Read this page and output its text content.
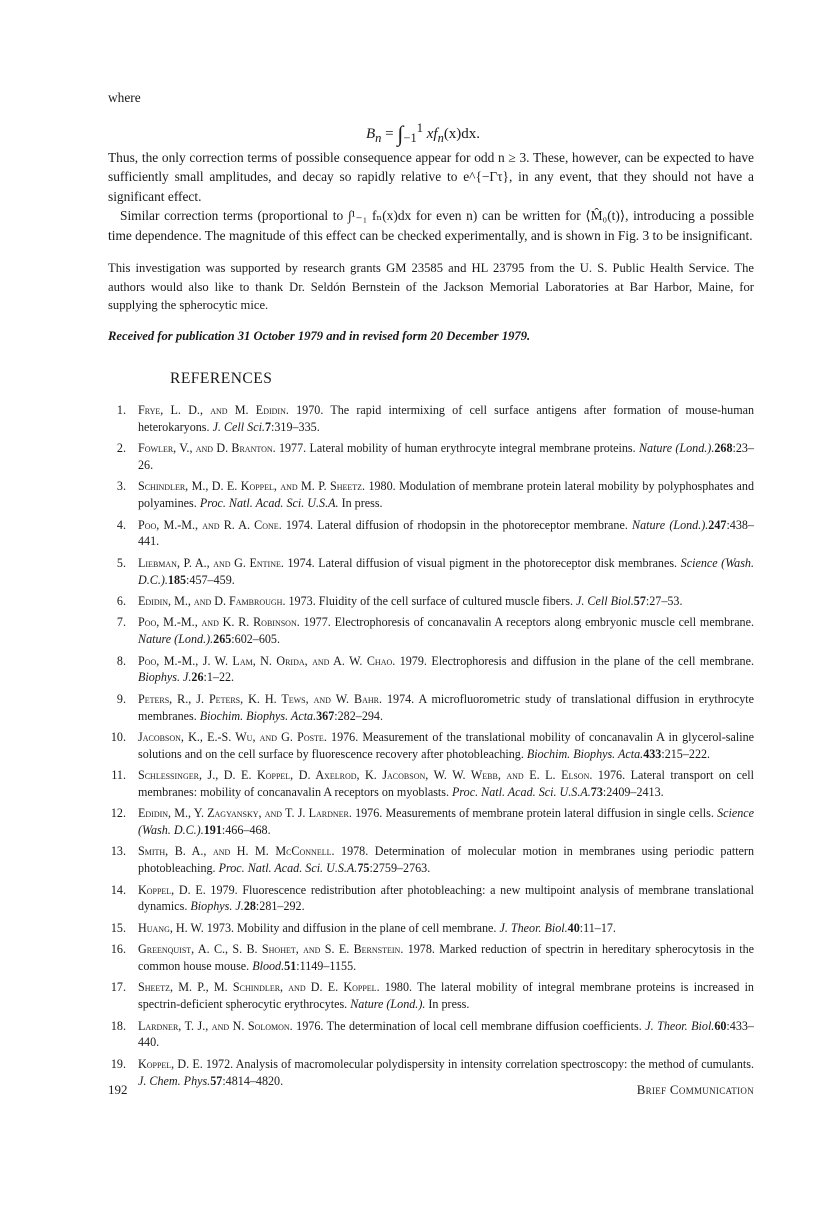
where

$B_n = \int_{-1}^1$ $xf_n(x)dx$.

Thus, the only correction terms of possible consequence appear for odd n ≥ 3. These, however, can be expected to have sufficiently small amplitudes, and decay so rapidly relative to e^{−Γτ}, in any event, that they should not have a significant effect.

Similar correction terms (proportional to ∫¹₋₁ fₙ(x)dx for even n) can be written for ⟨M̂₀(t)⟩, introducing a possible time dependence. The magnitude of this effect can be checked experimentally, and is shown in Fig. 3 to be insignificant.

This investigation was supported by research grants GM 23585 and HL 23795 from the U. S. Public Health Service. The authors would also like to thank Dr. Seldón Bernstein of the Jackson Memorial Laboratories at Bar Harbor, Maine, for supplying the spherocytic mice.

Received for publication 31 October 1979 and in revised form 20 December 1979.

REFERENCES
1. Frye, L. D., and M. Edidin. 1970. The rapid intermixing of cell surface antigens after formation of mouse-human heterokaryons. J. Cell Sci.7:319–335.
2. Fowler, V., and D. Branton. 1977. Lateral mobility of human erythrocyte integral membrane proteins. Nature (Lond.).268:23–26.
3. Schindler, M., D. E. Koppel, and M. P. Sheetz. 1980. Modulation of membrane protein lateral mobility by polyphosphates and polyamines. Proc. Natl. Acad. Sci. U.S.A. In press.
4. Poo, M.-M., and R. A. Cone. 1974. Lateral diffusion of rhodopsin in the photoreceptor membrane. Nature (Lond.).247:438–441.
5. Liebman, P. A., and G. Entine. 1974. Lateral diffusion of visual pigment in the photoreceptor disk membranes. Science (Wash. D.C.).185:457–459.
6. Edidin, M., and D. Fambrough. 1973. Fluidity of the cell surface of cultured muscle fibers. J. Cell Biol.57:27–53.
7. Poo, M.-M., and K. R. Robinson. 1977. Electrophoresis of concanavalin A receptors along embryonic muscle cell membrane. Nature (Lond.).265:602–605.
8. Poo, M.-M., J. W. Lam, N. Orida, and A. W. Chao. 1979. Electrophoresis and diffusion in the plane of the cell membrane. Biophys. J.26:1–22.
9. Peters, R., J. Peters, K. H. Tews, and W. Bahr. 1974. A microfluorometric study of translational diffusion in erythrocyte membranes. Biochim. Biophys. Acta.367:282–294.
10. Jacobson, K., E.-S. Wu, and G. Poste. 1976. Measurement of the translational mobility of concanavalin A in glycerol-saline solutions and on the cell surface by fluorescence recovery after photobleaching. Biochim. Biophys. Acta.433:215–222.
11. Schlessinger, J., D. E. Koppel, D. Axelrod, K. Jacobson, W. W. Webb, and E. L. Elson. 1976. Lateral transport on cell membranes: mobility of concanavalin A receptors on myoblasts. Proc. Natl. Acad. Sci. U.S.A.73:2409–2413.
12. Edidin, M., Y. Zagyansky, and T. J. Lardner. 1976. Measurements of membrane protein lateral diffusion in single cells. Science (Wash. D.C.).191:466–468.
13. Smith, B. A., and H. M. McConnell. 1978. Determination of molecular motion in membranes using periodic pattern photobleaching. Proc. Natl. Acad. Sci. U.S.A.75:2759–2763.
14. Koppel, D. E. 1979. Fluorescence redistribution after photobleaching: a new multipoint analysis of membrane translational dynamics. Biophys. J.28:281–292.
15. Huang, H. W. 1973. Mobility and diffusion in the plane of cell membrane. J. Theor. Biol.40:11–17.
16. Greenquist, A. C., S. B. Shohet, and S. E. Bernstein. 1978. Marked reduction of spectrin in hereditary spherocytosis in the common house mouse. Blood.51:1149–1155.
17. Sheetz, M. P., M. Schindler, and D. E. Koppel. 1980. The lateral mobility of integral membrane proteins is increased in spectrin-deficient spherocytic erythrocytes. Nature (Lond.). In press.
18. Lardner, T. J., and N. Solomon. 1976. The determination of local cell membrane diffusion coefficients. J. Theor. Biol.60:433–440.
19. Koppel, D. E. 1972. Analysis of macromolecular polydispersity in intensity correlation spectroscopy: the method of cumulants. J. Chem. Phys.57:4814–4820.
192	Brief Communication
